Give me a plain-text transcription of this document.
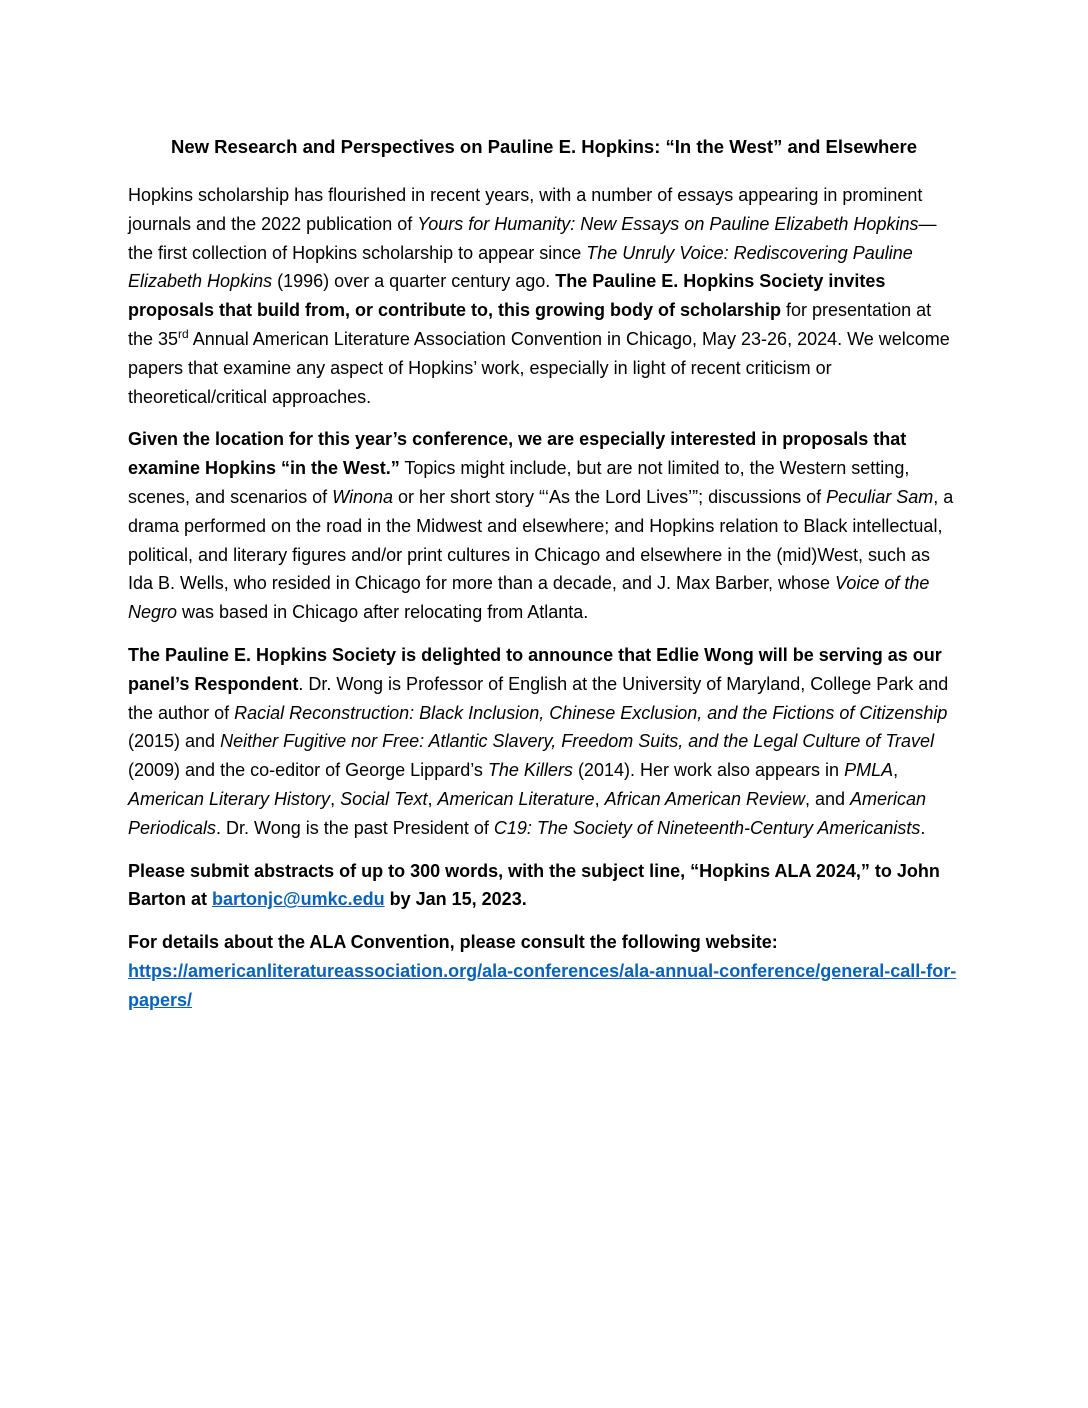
New Research and Perspectives on Pauline E. Hopkins: “In the West” and Elsewhere

Hopkins scholarship has flourished in recent years, with a number of essays appearing in prominent journals and the 2022 publication of Yours for Humanity: New Essays on Pauline Elizabeth Hopkins—the first collection of Hopkins scholarship to appear since The Unruly Voice: Rediscovering Pauline Elizabeth Hopkins (1996) over a quarter century ago. The Pauline E. Hopkins Society invites proposals that build from, or contribute to, this growing body of scholarship for presentation at the 35rd Annual American Literature Association Convention in Chicago, May 23-26, 2024. We welcome papers that examine any aspect of Hopkins’ work, especially in light of recent criticism or theoretical/critical approaches.

Given the location for this year’s conference, we are especially interested in proposals that examine Hopkins “in the West.” Topics might include, but are not limited to, the Western setting, scenes, and scenarios of Winona or her short story “‘As the Lord Lives’”; discussions of Peculiar Sam, a drama performed on the road in the Midwest and elsewhere; and Hopkins relation to Black intellectual, political, and literary figures and/or print cultures in Chicago and elsewhere in the (mid)West, such as Ida B. Wells, who resided in Chicago for more than a decade, and J. Max Barber, whose Voice of the Negro was based in Chicago after relocating from Atlanta.

The Pauline E. Hopkins Society is delighted to announce that Edlie Wong will be serving as our panel’s Respondent. Dr. Wong is Professor of English at the University of Maryland, College Park and the author of Racial Reconstruction: Black Inclusion, Chinese Exclusion, and the Fictions of Citizenship (2015) and Neither Fugitive nor Free: Atlantic Slavery, Freedom Suits, and the Legal Culture of Travel (2009) and the co-editor of George Lippard’s The Killers (2014). Her work also appears in PMLA, American Literary History, Social Text, American Literature, African American Review, and American Periodicals. Dr. Wong is the past President of C19: The Society of Nineteenth-Century Americanists.

Please submit abstracts of up to 300 words, with the subject line, “Hopkins ALA 2024,” to John Barton at bartonjc@umkc.edu by Jan 15, 2023.

For details about the ALA Convention, please consult the following website: https://americanliteratureassociation.org/ala-conferences/ala-annual-conference/general-call-for-papers/
